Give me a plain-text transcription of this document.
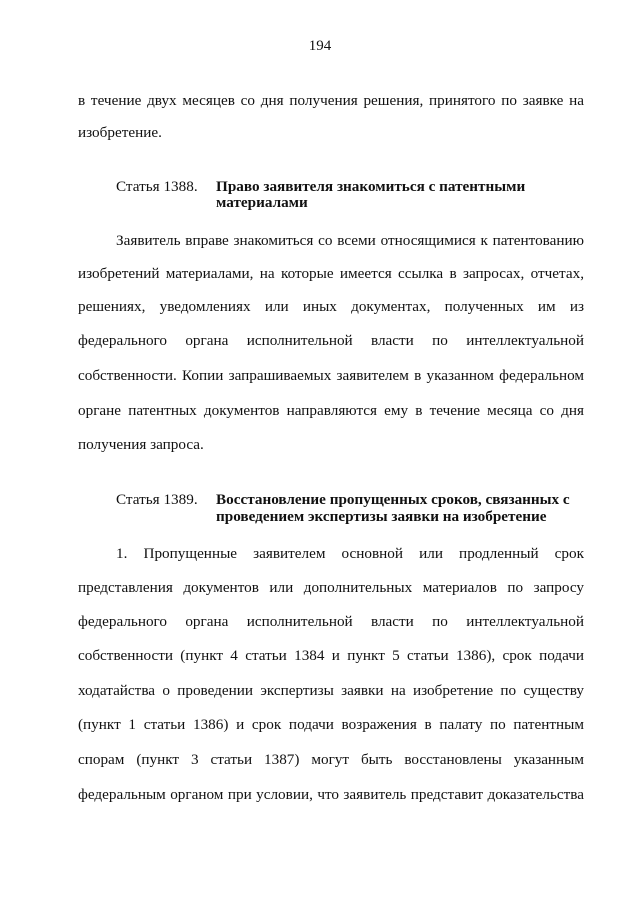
194
в течение двух месяцев со дня получения решения, принятого по заявке на
изобретение.
Статья 1388. Право заявителя знакомиться с патентными
материалами
Заявитель вправе знакомиться со всеми относящимися к патентованию
изобретений материалами, на которые имеется ссылка в запросах, отчетах,
решениях, уведомлениях или иных документах, полученных им из
федерального органа исполнительной власти по интеллектуальной
собственности. Копии запрашиваемых заявителем в указанном федеральном
органе патентных документов направляются ему в течение месяца со дня
получения запроса.
Статья 1389. Восстановление пропущенных сроков, связанных с
проведением экспертизы заявки на изобретение
1. Пропущенные заявителем основной или продленный срок
представления документов или дополнительных материалов по запросу
федерального органа исполнительной власти по интеллектуальной
собственности (пункт 4 статьи 1384 и пункт 5 статьи 1386), срок подачи
ходатайства о проведении экспертизы заявки на изобретение по существу
(пункт 1 статьи 1386) и срок подачи возражения в палату по патентным
спорам (пункт 3 статьи 1387) могут быть восстановлены указанным
федеральным органом при условии, что заявитель представит доказательства
